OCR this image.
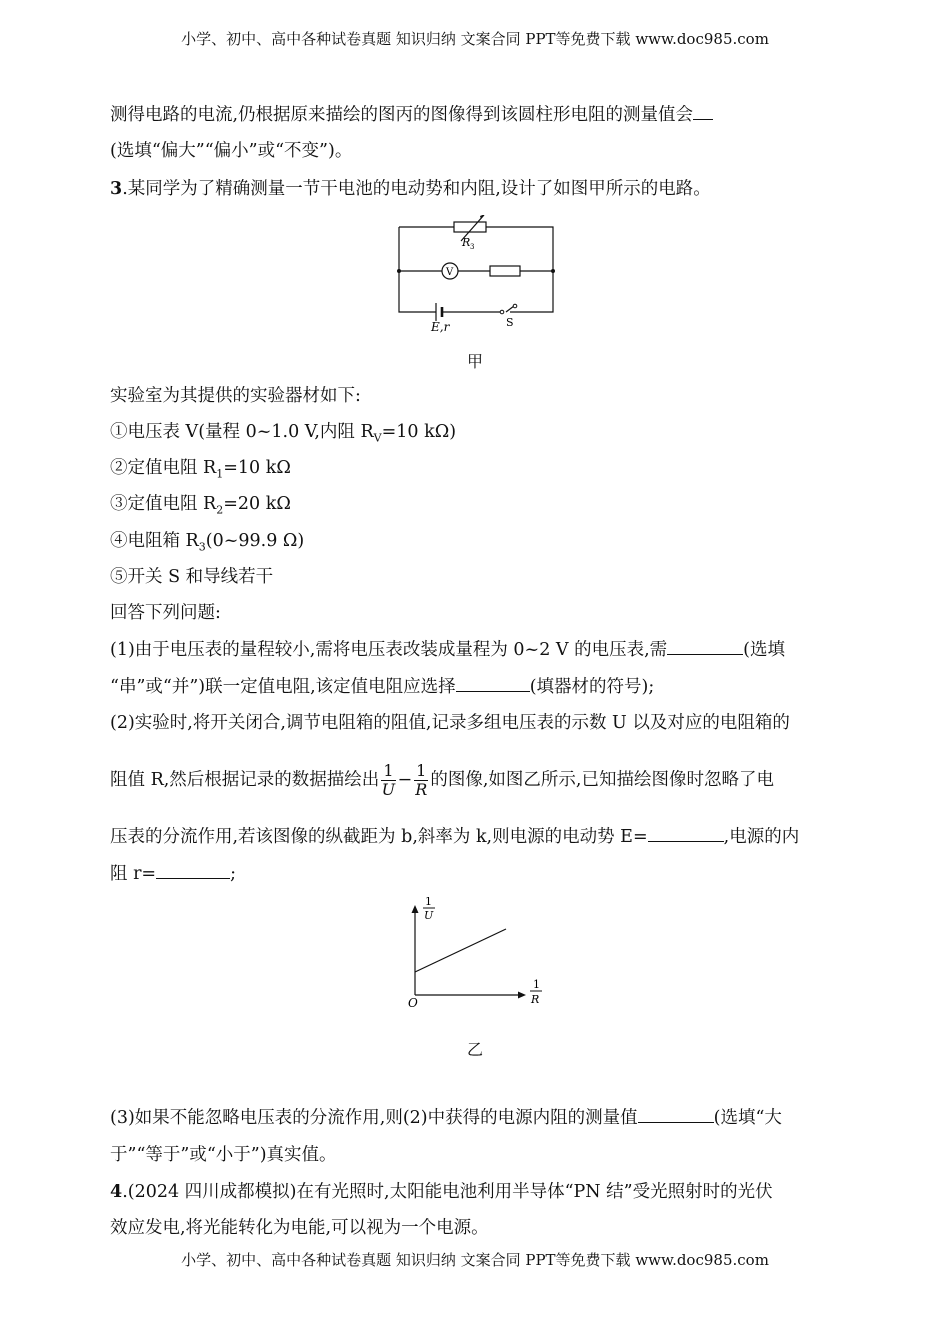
小学、初中、高中各种试卷真题 知识归纳 文案合同 PPT等免费下载 www.doc985.com
测得电路的电流,仍根据原来描绘的图丙的图像得到该圆柱形电阻的测量值会
(选填“偏大”“偏小”或“不变”)。
3.某同学为了精确测量一节干电池的电动势和内阻,设计了如图甲所示的电路。
R 3
V
E,r	S
甲
实验室为其提供的实验器材如下:
①电压表 V(量程 0~1.0 V,内阻 $R_V=10$ kΩ)
②定值电阻 $R_1=10$ kΩ
③定值电阻 $R_2=20$ kΩ
④电阻箱 $R_3(0\sim 99.9$ Ω)
⑤开关 S 和导线若干
回答下列问题:
(1)由于电压表的量程较小,需将电压表改装成量程为 0~2 V 的电压表,需	(选填
“串”或“并”)联一定值电阻,该定值电阻应选择	(填器材的符号);
(2)实验时,将开关闭合,调节电阻箱的阻值,记录多组电压表的示数 U 以及对应的电阻箱的
阻值 R,然后根据记录的数据描绘出 $\frac{1}{U} - \frac{1}{R}$ 的图像,如图乙所示,已知描绘图像时忽略了电
压表的分流作用,若该图像的纵截距为 b,斜率为 k,则电源的电动势 E=	,电源的内
阻 r=	;
1
U
1
R
O
乙
(3)如果不能忽略电压表的分流作用,则(2)中获得的电源内阻的测量值	(选填“大
于”“等于”或“小于”)真实值。
4.(2024 四川成都模拟)在有光照时,太阳能电池利用半导体“PN 结”受光照射时的光伏
效应发电,将光能转化为电能,可以视为一个电源。
小学、初中、高中各种试卷真题 知识归纳 文案合同 PPT等免费下载 www.doc985.com
